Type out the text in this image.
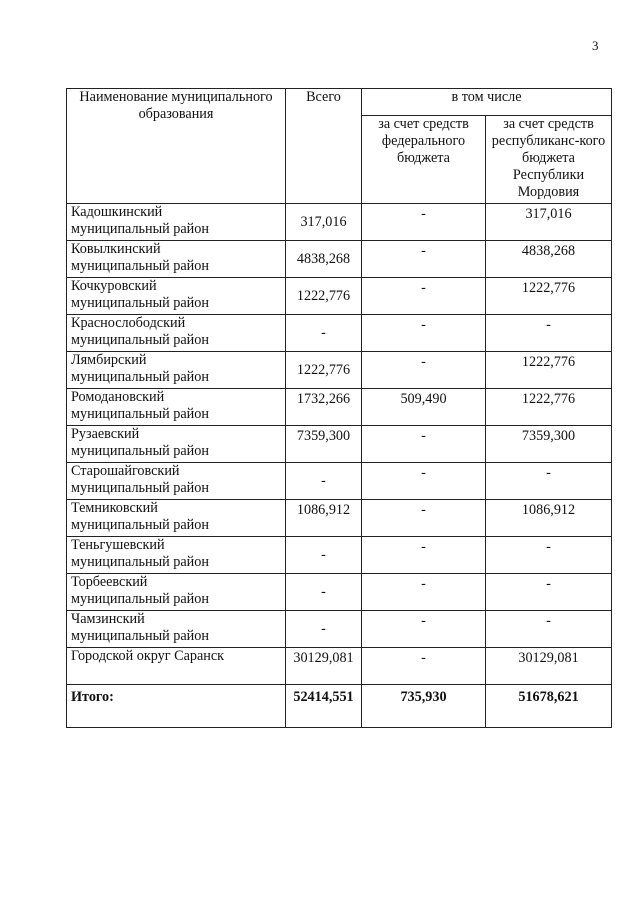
3
Наименование муниципального образования	Всего	в том числе	
		за счет средств федерального бюджета	за счет средств республиканс-кого бюджета Республики Мордовия

Кадошкинский
муниципальный район	317,016	-	317,016

Ковылкинский
муниципальный район	4838,268	-	4838,268

Кочкуровский
муниципальный район	1222,776	-	1222,776

Краснослободский
муниципальный район	-	-	-

Лямбирский
муниципальный район	1222,776	-	1222,776

Ромодановский
муниципальный район	1732,266	509,490	1222,776

Рузаевский
муниципальный район	7359,300	-	7359,300

Старошайговский
муниципальный район	-	-	-

Темниковский
муниципальный район	1086,912	-	1086,912

Теньгушевский
муниципальный район	-	-	-

Торбеевский
муниципальный район	-	-	-

Чамзинский
муниципальный район	-	-	-

Городской округ Саранск	30129,081	-	30129,081
Итого:	52414,551	735,930	51678,621
